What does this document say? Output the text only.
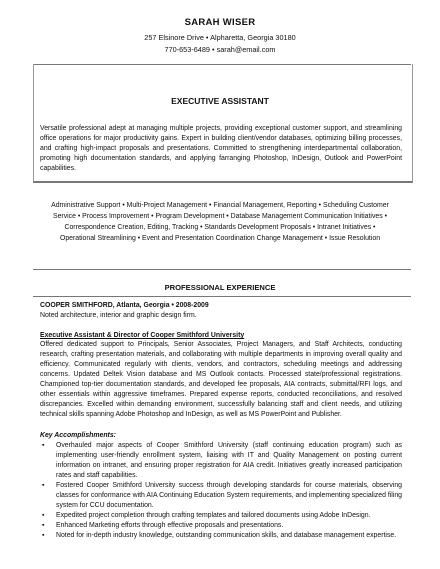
SARAH WISER
257 Elsinore Drive • Alpharetta, Georgia 30180
770-653-6489 • sarah@email.com
EXECUTIVE ASSISTANT
Versatile professional adept at managing multiple projects, providing exceptional customer support, and streamlining office operations for major productivity gains. Expert in building client/vendor databases, optimizing billing processes, and crafting high-impact proposals and presentations. Committed to strengthening interdepartmental collaboration, promoting high documentation standards, and applying farranging Photoshop, InDesign, Outlook and PowerPoint capabilities.
Administrative Support • Multi-Project Management • Financial Management, Reporting • Scheduling Customer Service • Process Improvement • Program Development • Database Management Communication Initiatives • Correspondence Creation, Editing, Tracking • Standards Development Proposals • Intranet Initiatives • Operational Streamlining • Event and Presentation Coordination Change Management • Issue Resolution
PROFESSIONAL EXPERIENCE
COOPER SMITHFORD, Atlanta, Georgia • 2008-2009
Noted architecture, interior and graphic design firm.
Executive Assistant & Director of Cooper Smithford University
Offered dedicated support to Principals, Senior Associates, Project Managers, and Staff Architects, conducting research, crafting presentation materials, and collaborating with multiple departments in improving overall quality and efficiency. Communicated regularly with clients, vendors, and contractors, scheduling meetings and addressing concerns. Updated Deltek Vision database and MS Outlook contacts. Processed state/professional registrations. Championed top-tier documentation standards, and developed fee proposals, AIA contracts, submittal/RFI logs, and other essentials within aggressive timeframes. Prepared expense reports, conducted reconciliations, and resolved discrepancies. Excelled within demanding environment, successfully balancing staff and client needs, and utilizing technical skills spanning Adobe Photoshop and InDesign, as well as MS PowerPoint and Publisher.
Key Accomplishments:
▪ Overhauled major aspects of Cooper Smithford University (staff continuing education program) such as implementing user-friendly enrollment system, liaising with IT and Quality Management on posting current information on intranet, and ensuring proper registration for AIA credit. Initiatives greatly increased participation rates and staff capabilities.
▪ Fostered Cooper Smithford University success through developing standards for course materials, observing classes for conformance with AIA Continuing Education System requirements, and implementing specialized filing system for CCU documentation.
▪ Expedited project completion through crafting templates and tailored documents using Adobe InDesign.
▪ Enhanced Marketing efforts through effective proposals and presentations.
▪ Noted for in-depth industry knowledge, outstanding communication skills, and database management expertise.
